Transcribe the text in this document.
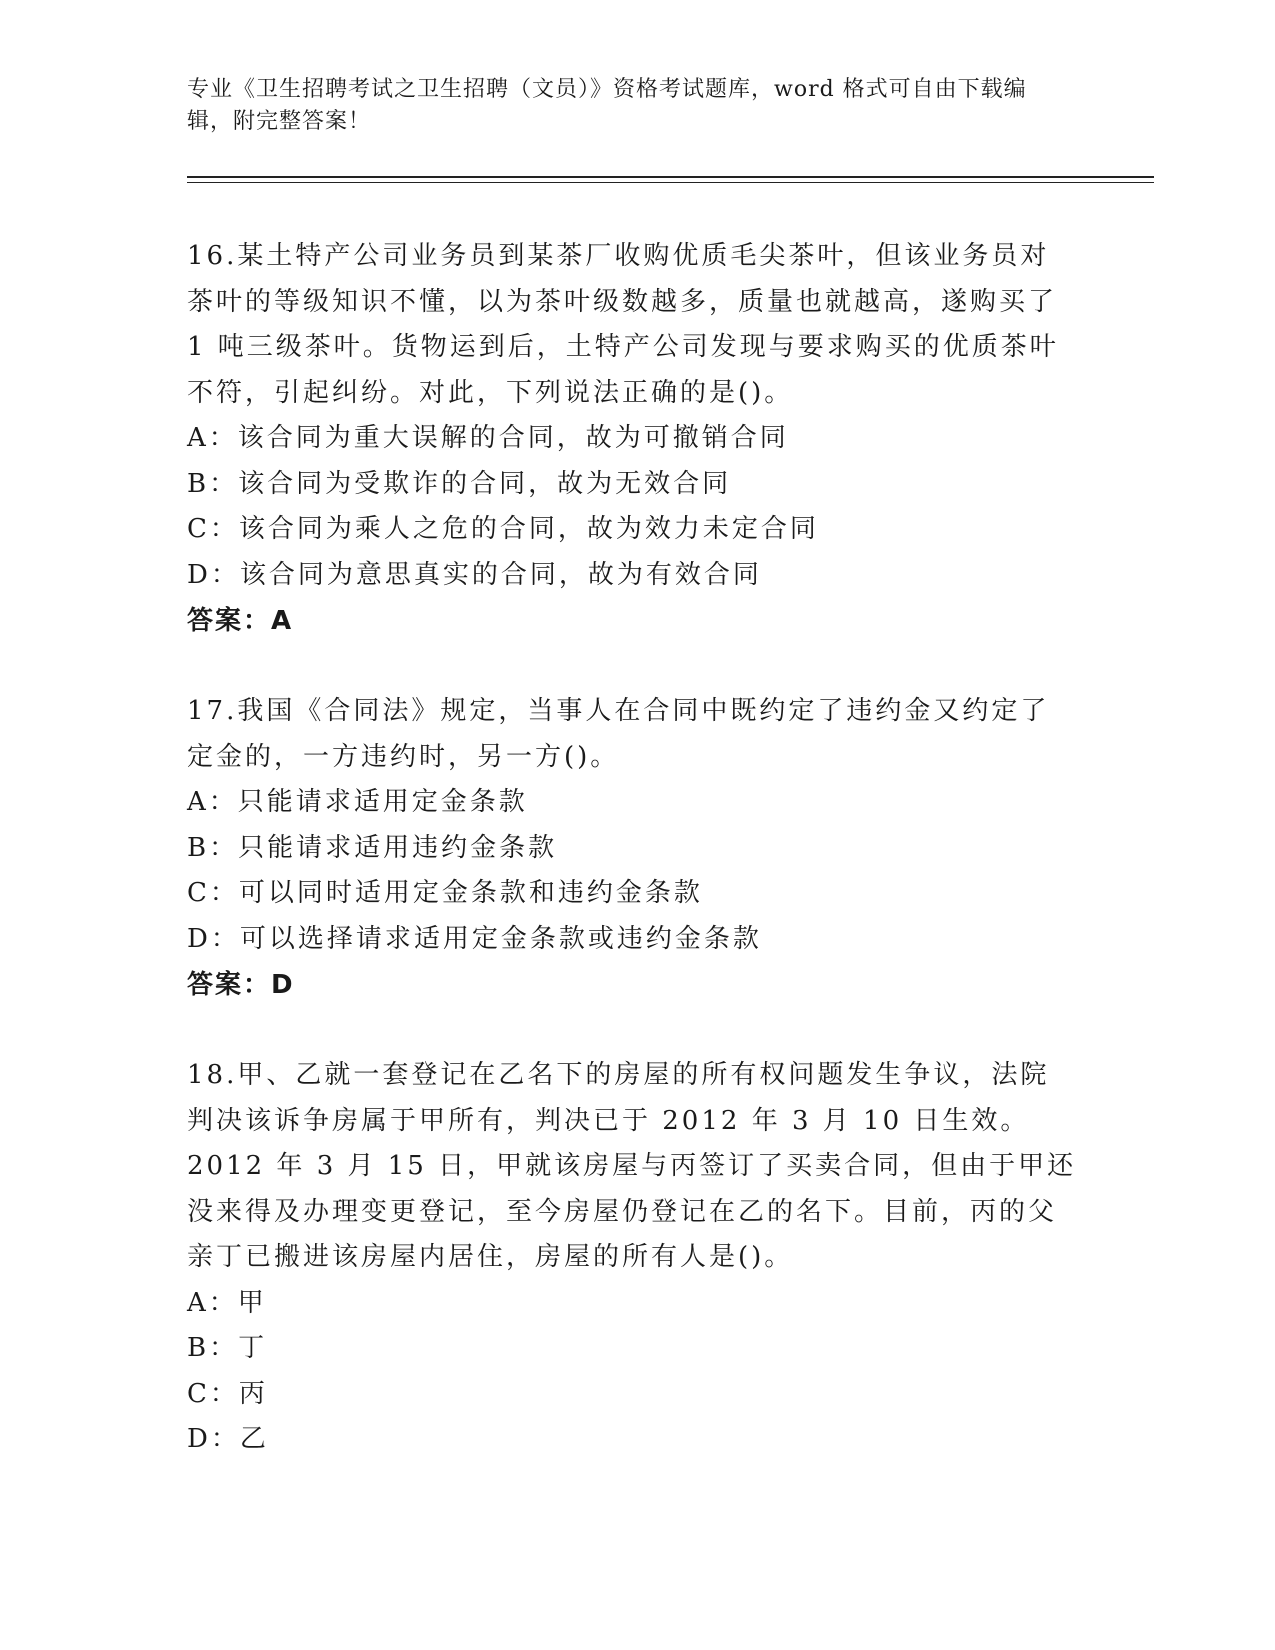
专业《卫生招聘考试之卫生招聘（文员）》资格考试题库，word 格式可自由下载编辑，附完整答案！

16.某土特产公司业务员到某茶厂收购优质毛尖茶叶，但该业务员对茶叶的等级知识不懂，以为茶叶级数越多，质量也就越高，遂购买了 1 吨三级茶叶。货物运到后，土特产公司发现与要求购买的优质茶叶不符，引起纠纷。对此，下列说法正确的是()。

A：该合同为重大误解的合同，故为可撤销合同

B：该合同为受欺诈的合同，故为无效合同

C：该合同为乘人之危的合同，故为效力未定合同

D：该合同为意思真实的合同，故为有效合同

答案：A

17.我国《合同法》规定，当事人在合同中既约定了违约金又约定了定金的，一方违约时，另一方()。

A：只能请求适用定金条款

B：只能请求适用违约金条款

C：可以同时适用定金条款和违约金条款

D：可以选择请求适用定金条款或违约金条款

答案：D

18.甲、乙就一套登记在乙名下的房屋的所有权问题发生争议，法院判决该诉争房属于甲所有，判决已于 2012 年 3 月 10 日生效。2012 年 3 月 15 日，甲就该房屋与丙签订了买卖合同，但由于甲还没来得及办理变更登记，至今房屋仍登记在乙的名下。目前，丙的父亲丁已搬进该房屋内居住，房屋的所有人是()。

A：甲

B：丁

C：丙

D：乙
